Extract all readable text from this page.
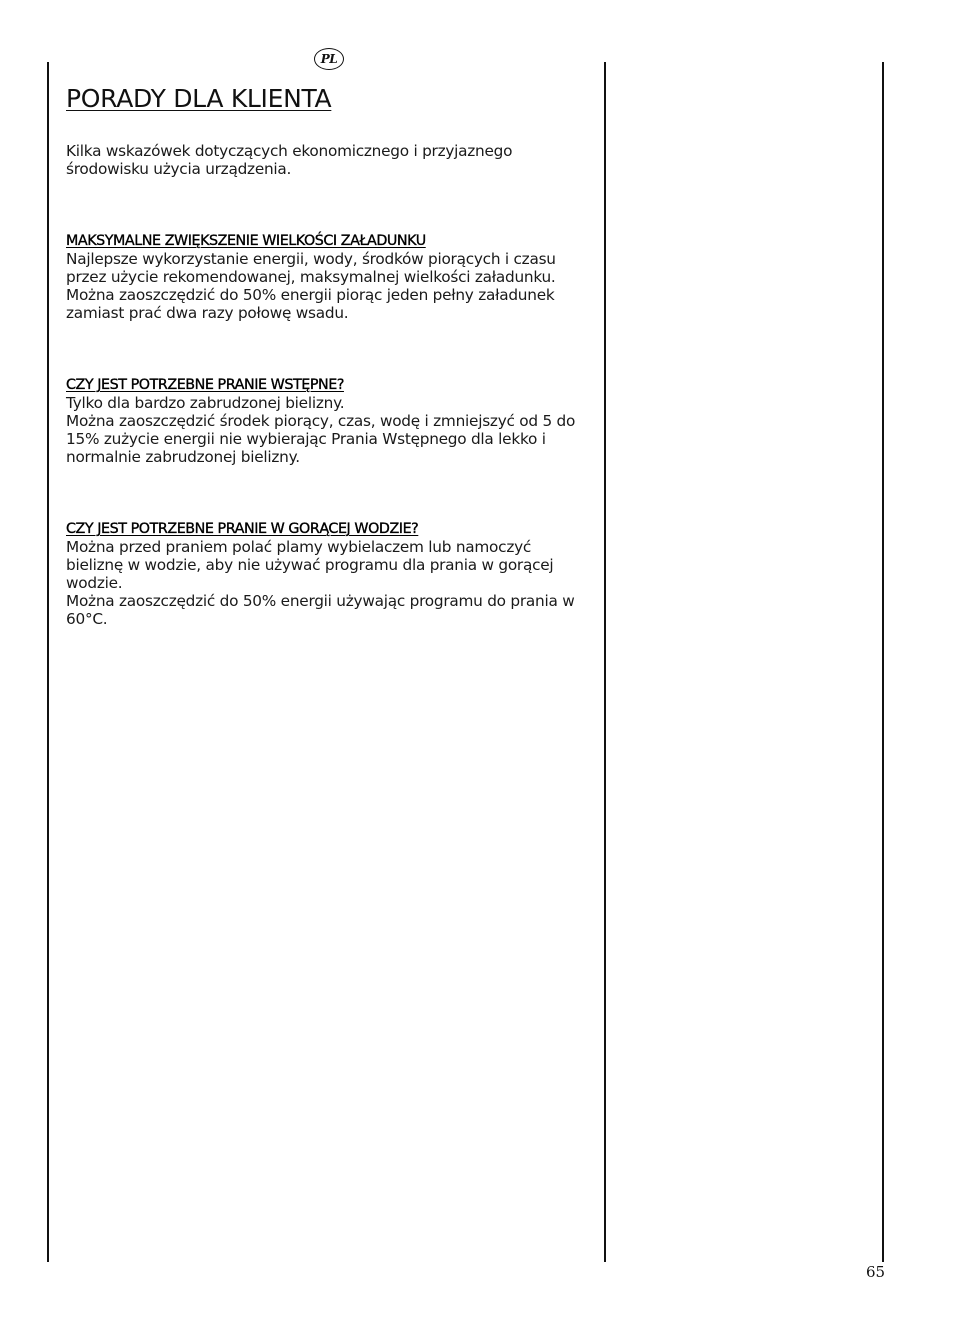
PL
PORADY DLA KLIENTA

Kilka wskazówek dotyczących ekonomicznego i przyjaznego środowisku użycia urządzenia.

MAKSYMALNE ZWIĘKSZENIE WIELKOŚCI ZAŁADUNKU

Najlepsze wykorzystanie energii, wody, środków piorących i czasu przez użycie rekomendowanej, maksymalnej wielkości załadunku.

Można zaoszczędzić do 50% energii piorąc jeden pełny załadunek zamiast prać dwa razy połowę wsadu.

CZY JEST POTRZEBNE PRANIE WSTĘPNE?

Tylko dla bardzo zabrudzonej bielizny.

Można zaoszczędzić środek piorący, czas, wodę i zmniejszyć od 5 do 15% zużycie energii nie wybierając Prania Wstępnego dla lekko i normalnie zabrudzonej bielizny.

CZY JEST POTRZEBNE PRANIE W GORĄCEJ WODZIE?

Można przed praniem polać plamy wybielaczem lub namoczyć bieliznę w wodzie, aby nie używać programu dla prania w gorącej wodzie.

Można zaoszczędzić do 50% energii używając programu do prania w 60°C.

65
